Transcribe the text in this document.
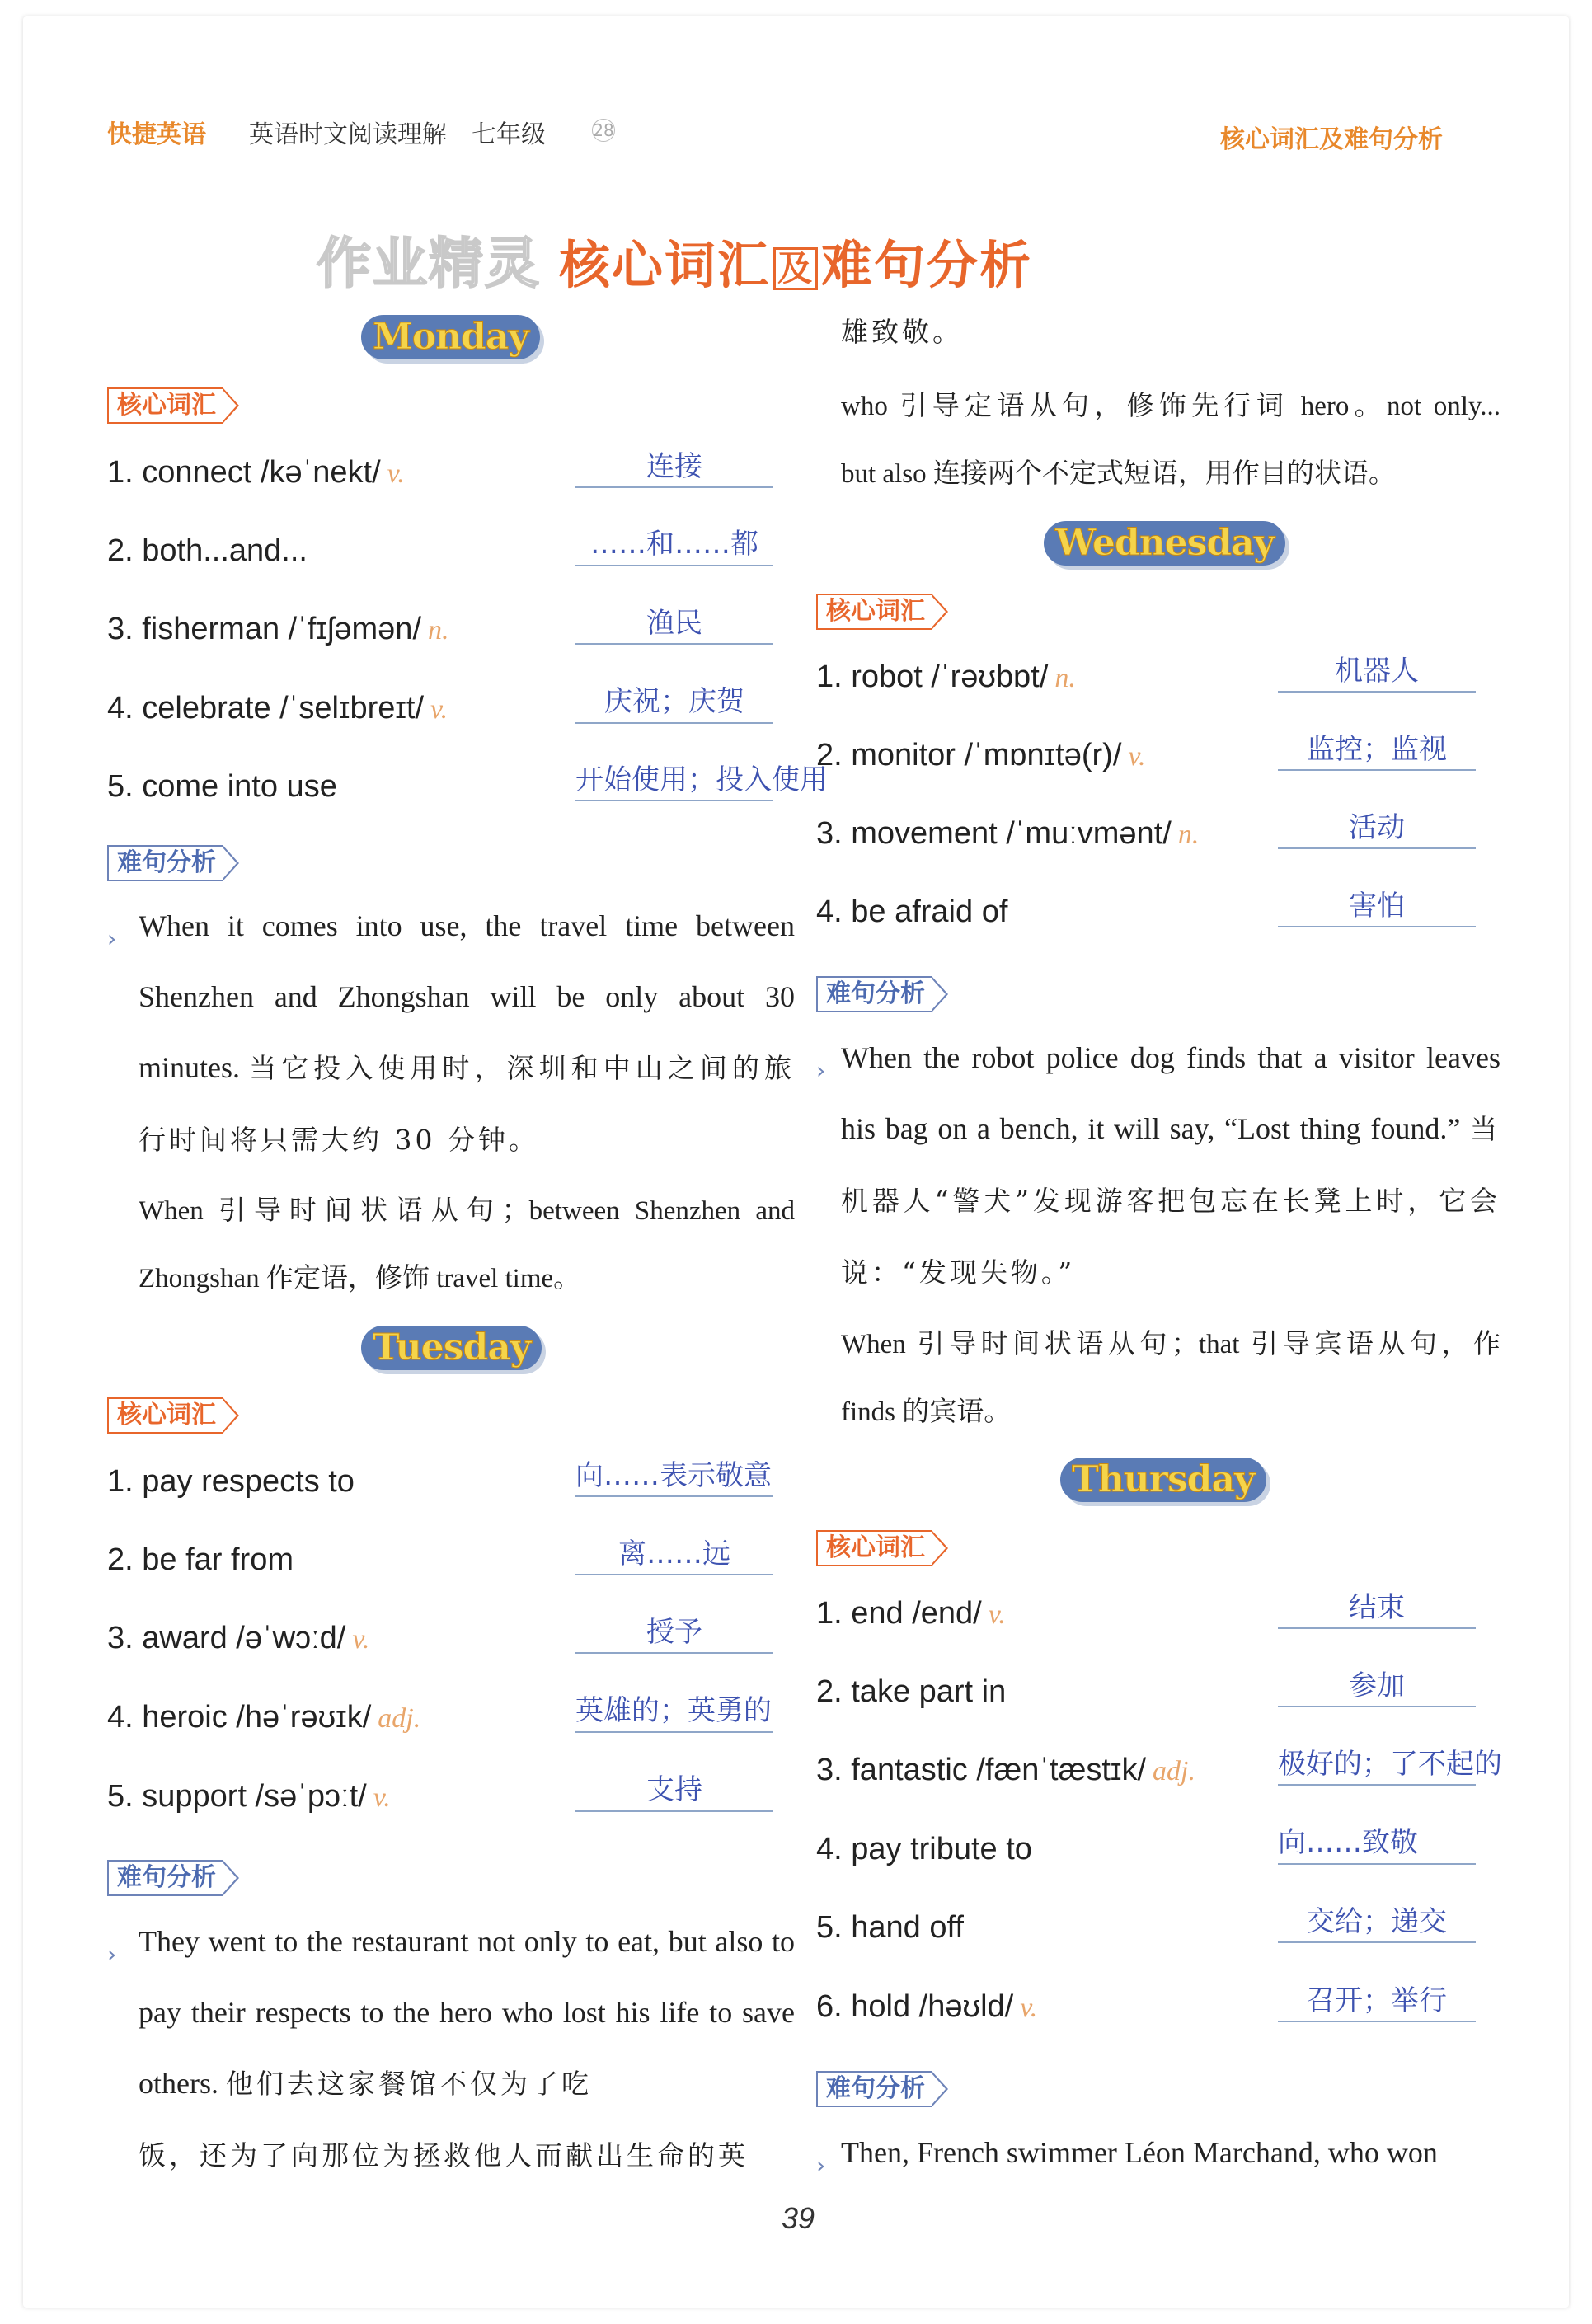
快捷英语 英语时文阅读理解　七年级	28	核心词汇及难句分析
作业精灵 核心词汇 及 难句分析
Monday
核心词汇
1. connect /kəˈnekt/ v.	连接
2. both...and...	……和……都
3. fisherman /ˈfɪʃəmən/ n.	渔民
4. celebrate /ˈselɪbreɪt/ v.	庆祝；庆贺
5. come into use	开始使用；投入使用
难句分析
› When it comes into use, the travel time between Shenzhen and Zhongshan will be only about 30 minutes. 当它投入使用时，深圳和中山之间的旅行时间将只需大约 30 分钟。
When 引导时间状语从句；between Shenzhen and
Zhongshan 作定语，修饰 travel time。
Tuesday
核心词汇
1. pay respects to	向……表示敬意
2. be far from	离……远
3. award /əˈwɔːd/ v.	授予
4. heroic /həˈrəʊɪk/ adj.	英雄的；英勇的
5. support /səˈpɔːt/ v.	支持
难句分析
› They went to the restaurant not only to eat, but also to pay their respects to the hero who lost his life to save others. 他们去这家餐馆不仅为了吃
饭，还为了向那位为拯救他人而献出生命的英
雄致敬。
who 引导定语从句，修饰先行词 hero。not only...
but also 连接两个不定式短语，用作目的状语。
Wednesday
核心词汇
1. robot /ˈrəʊbɒt/ n.	机器人
2. monitor /ˈmɒnɪtə(r)/ v.	监控；监视
3. movement /ˈmuːvmənt/ n.	活动
4. be afraid of	害怕
难句分析
› When the robot police dog finds that a visitor leaves his bag on a bench, it will say, “Lost thing found.” 当机器人“警犬”发现游客把包忘在长凳上时，它会说：“发现失物。”
When 引导时间状语从句；that 引导宾语从句，作
finds 的宾语。
Thursday
核心词汇
1. end /end/ v.	结束
2. take part in	参加
3. fantastic /fænˈtæstɪk/ adj.	极好的；了不起的
4. pay tribute to	向……致敬
5. hand off	交给；递交
6. hold /həʊld/ v.	召开；举行
难句分析
› Then, French swimmer Léon Marchand, who won
39
